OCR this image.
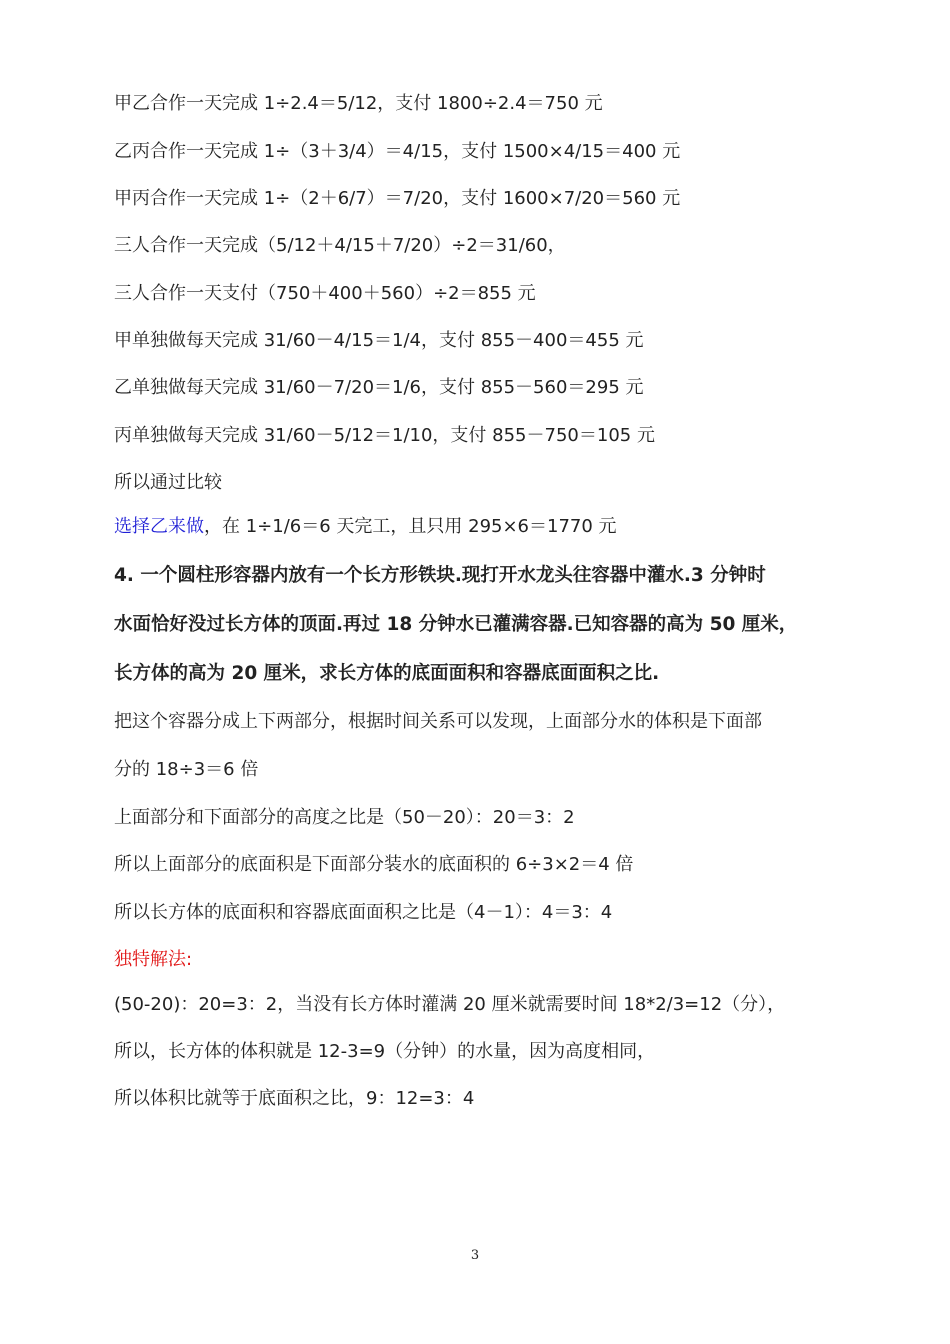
甲乙合作一天完成 1÷2.4＝5/12，支付 1800÷2.4＝750 元
乙丙合作一天完成 1÷（3＋3/4）＝4/15，支付 1500×4/15＝400 元
甲丙合作一天完成 1÷（2＋6/7）＝7/20，支付 1600×7/20＝560 元
三人合作一天完成（5/12＋4/15＋7/20）÷2＝31/60，
三人合作一天支付（750＋400＋560）÷2＝855 元
甲单独做每天完成 31/60－4/15＝1/4，支付 855－400＝455 元
乙单独做每天完成 31/60－7/20＝1/6，支付 855－560＝295 元
丙单独做每天完成 31/60－5/12＝1/10，支付 855－750＝105 元
所以通过比较
选择乙来做，在 1÷1/6＝6 天完工，且只用 295×6＝1770 元
4. 一个圆柱形容器内放有一个长方形铁块.现打开水龙头往容器中灌水.3 分钟时
水面恰好没过长方体的顶面.再过 18 分钟水已灌满容器.已知容器的高为 50 厘米，
长方体的高为 20 厘米，求长方体的底面面积和容器底面面积之比.
把这个容器分成上下两部分，根据时间关系可以发现，上面部分水的体积是下面部
分的 18÷3＝6 倍
上面部分和下面部分的高度之比是（50－20）：20＝3：2
所以上面部分的底面积是下面部分装水的底面积的 6÷3×2＝4 倍
所以长方体的底面积和容器底面面积之比是（4－1）：4＝3：4
独特解法:
(50-20)：20=3：2，当没有长方体时灌满 20 厘米就需要时间 18*2/3=12（分），
所以，长方体的体积就是 12-3=9（分钟）的水量，因为高度相同，
所以体积比就等于底面积之比，9：12=3：4
3
